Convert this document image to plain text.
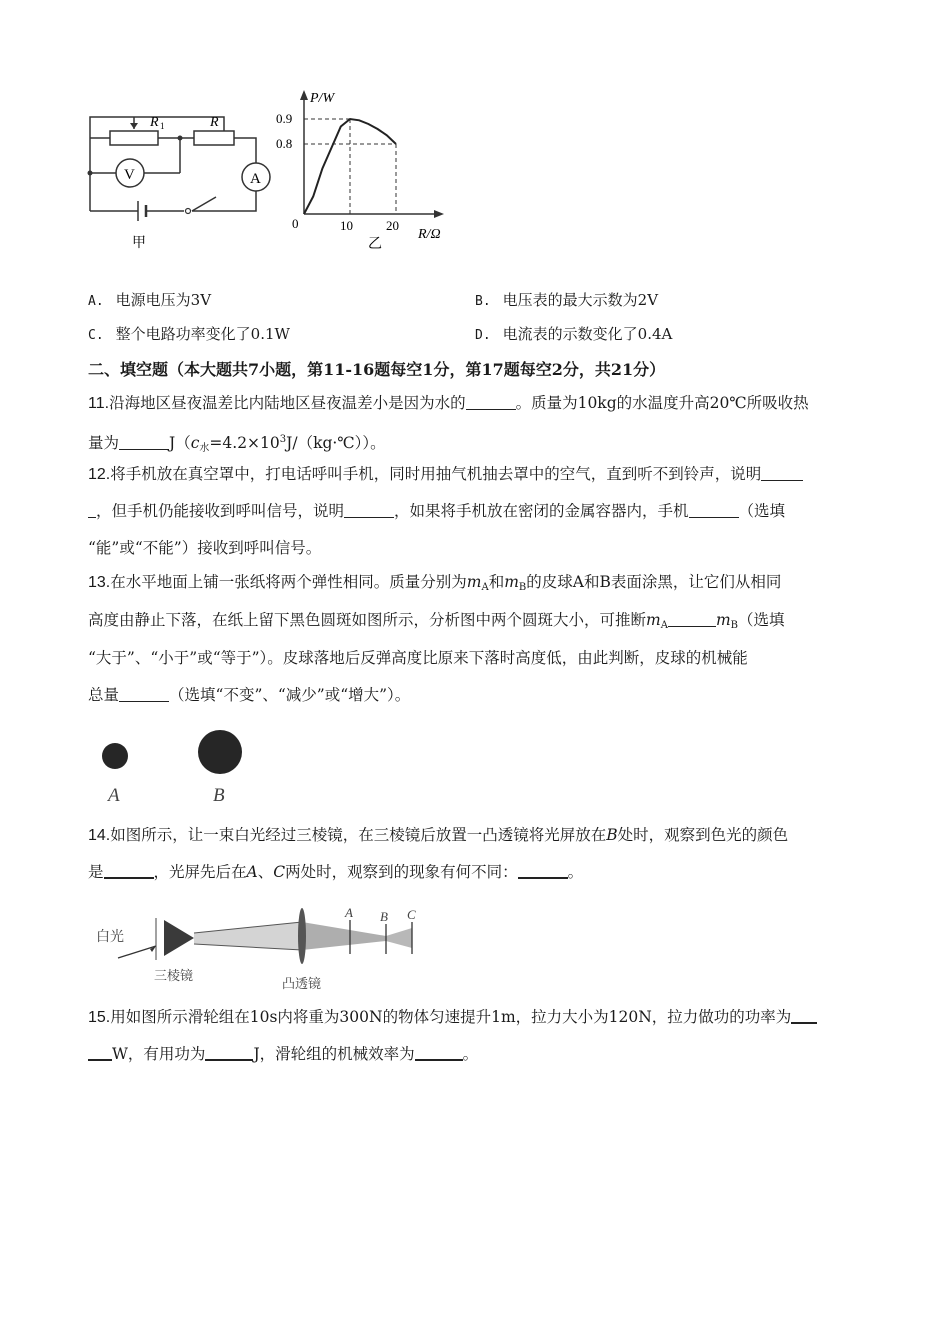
R 1	R
V	A
甲
P/W
R/Ω
0
0.9
0.8
10	20
乙
A. 电源电压为3V	B. 电压表的最大示数为2V
C. 整个电路功率变化了0.1W	D. 电流表的示数变化了0.4A
二、填空题（本大题共7小题，第11-16题每空1分，第17题每空2分，共21分）
11.沿海地区昼夜温差比内陆地区昼夜温差小是因为水的	。质量为10kg的水温度升高20℃所吸收热
量为	$J(c_水=4.2\times 10^3J/(kg\cdot℃))$。
12.将手机放在真空罩中，打电话呼叫手机，同时用抽气机抽去罩中的空气，直到听不到铃声，说明
，但手机仍能接收到呼叫信号，说明	，如果将手机放在密闭的金属容器内，手机	（选填
“能”或“不能”）接收到呼叫信号。
13.在水平地面上铺一张纸将两个弹性相同。质量分别为$m_A$和$m_B$的皮球A和B表面涂黑，让它们从相同
高度由静止下落，在纸上留下黑色圆斑如图所示，分析图中两个圆斑大小，可推断$m_A$	$m_B$（选填
“大于”、“小于”或“等于”）。皮球落地后反弹高度比原来下落时高度低，由此判断，皮球的机械能
总量	（选填“不变”、“减少”或“增大”）。
A	B
14.如图所示，让一束白光经过三棱镜，在三棱镜后放置一凸透镜将光屏放在B处时，观察到色光的颜色
是	，光屏先后在A、C两处时，观察到的现象有何不同：	。
白光
三棱镜
凸透镜
A B C
15.用如图所示滑轮组在10s内将重为300N的物体匀速提升1m，拉力大小为120N，拉力做功的功率为
W，有用功为	J，滑轮组的机械效率为	。
